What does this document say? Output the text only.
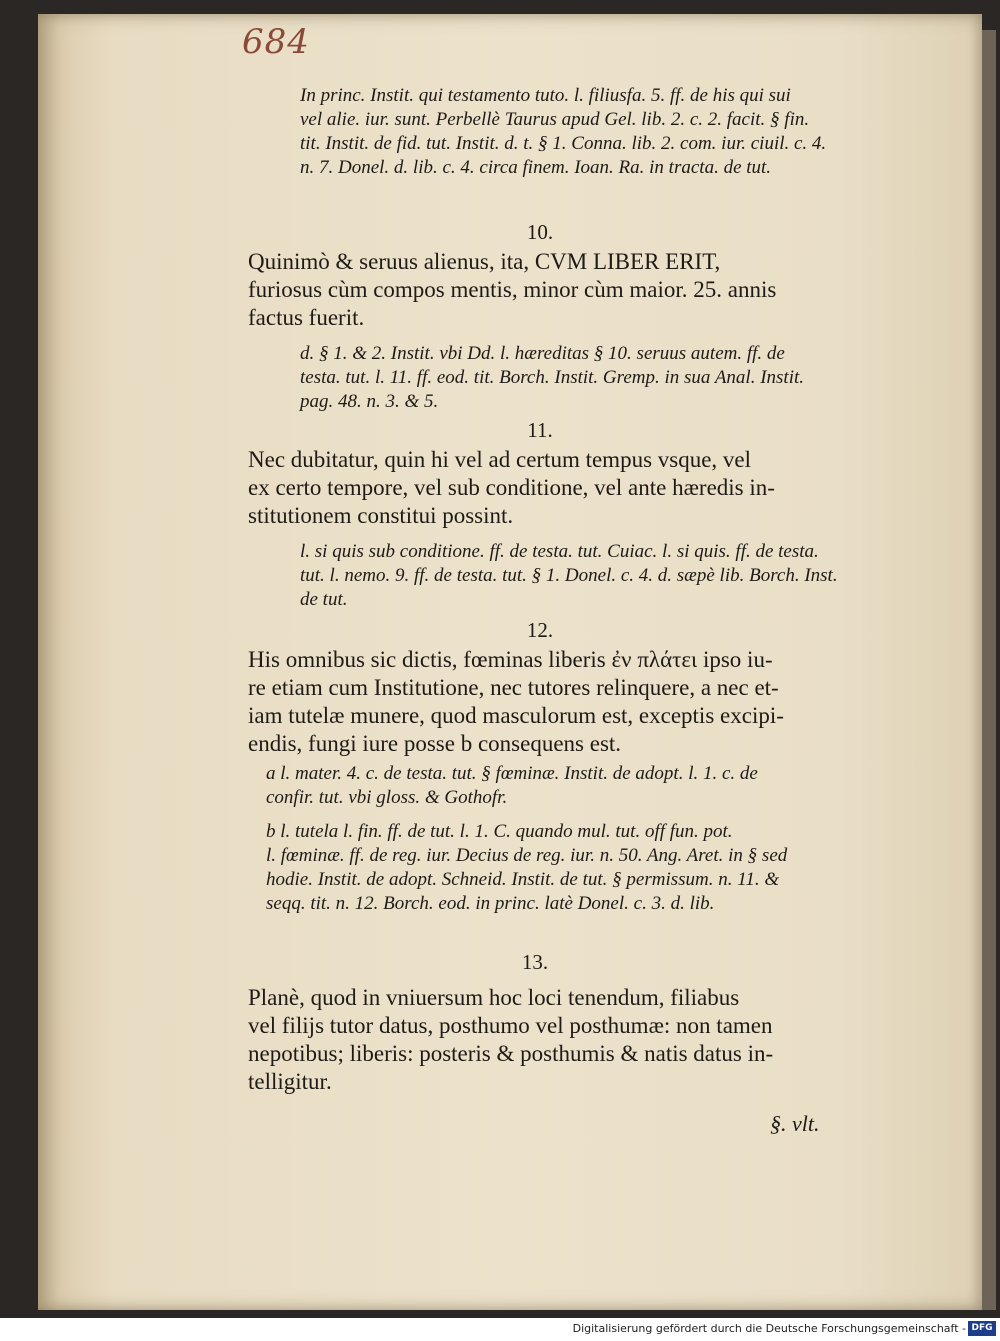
684
In princ. Instit. qui testamento tuto. l. filiusfa. 5. ff. de his qui sui
vel alie. iur. sunt. Perbellè Taurus apud Gel. lib. 2. c. 2. facit. § fin.
tit. Instit. de fid. tut. Instit. d. t. § 1. Conna. lib. 2. com. iur. ciuil. c. 4.
n. 7. Donel. d. lib. c. 4. circa finem. Ioan. Ra. in tracta. de tut.
10.
Quinimò & seruus alienus, ita, CVM LIBER ERIT,
furiosus cùm compos mentis, minor cùm maior. 25. annis
factus fuerit.
d. § 1. & 2. Instit. vbi Dd. l. hæreditas § 10. seruus autem. ff. de
testa. tut. l. 11. ff. eod. tit. Borch. Instit. Gremp. in sua Anal. Instit.
pag. 48. n. 3. & 5.
11.
Nec dubitatur, quin hi vel ad certum tempus vsque, vel
ex certo tempore, vel sub conditione, vel ante hæredis in-
stitutionem constitui possint.
l. si quis sub conditione. ff. de testa. tut. Cuiac. l. si quis. ff. de testa.
tut. l. nemo. 9. ff. de testa. tut. § 1. Donel. c. 4. d. sæpè lib. Borch. Inst.
de tut.
12.
His omnibus sic dictis, fœminas liberis ἐν πλάτει ipso iu-
re etiam cum Institutione, nec tutores relinquere, a nec et-
iam tutelæ munere, quod masculorum est, exceptis excipi-
endis, fungi iure posse b consequens est.
a l. mater. 4. c. de testa. tut. § fœminæ. Instit. de adopt. l. 1. c. de
confir. tut. vbi gloss. & Gothofr.
b l. tutela l. fin. ff. de tut. l. 1. C. quando mul. tut. off fun. pot.
l. fœminæ. ff. de reg. iur. Decius de reg. iur. n. 50. Ang. Aret. in § sed
hodie. Instit. de adopt. Schneid. Instit. de tut. § permissum. n. 11. &
seqq. tit. n. 12. Borch. eod. in princ. latè Donel. c. 3. d. lib.
13.
Planè, quod in vniuersum hoc loci tenendum, filiabus
vel filijs tutor datus, posthumo vel posthumæ: non tamen
nepotibus; liberis: posteris & posthumis & natis datus in-
telligitur.
§. vlt.
Digitalisierung gefördert durch die Deutsche Forschungsgemeinschaft - DFG
